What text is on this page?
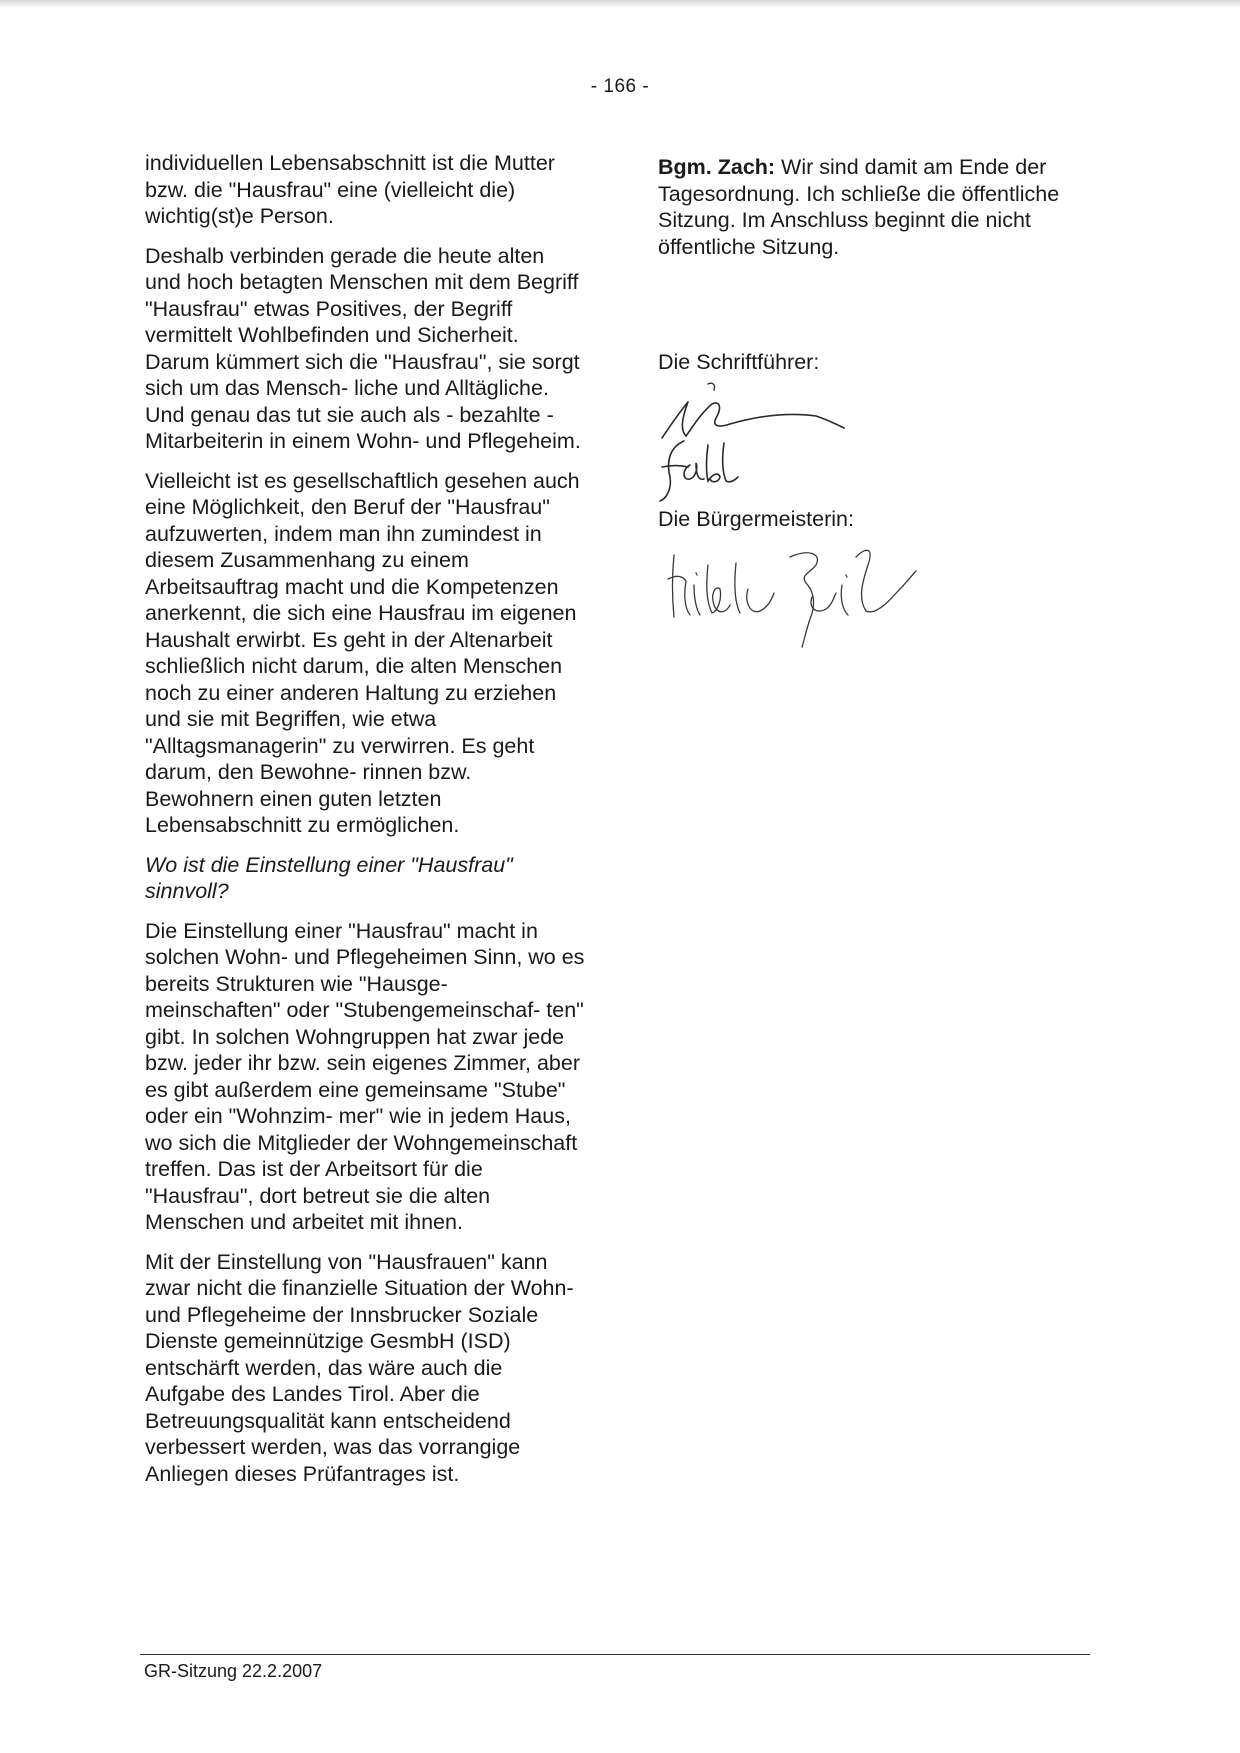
- 166 -

individuellen Lebensabschnitt ist die Mutter bzw. die "Hausfrau" eine (vielleicht die) wichtig(st)e Person.

Deshalb verbinden gerade die heute alten und hoch betagten Menschen mit dem Begriff "Hausfrau" etwas Positives, der Begriff vermittelt Wohlbefinden und Sicherheit. Darum kümmert sich die "Hausfrau", sie sorgt sich um das Mensch- liche und Alltägliche. Und genau das tut sie auch als - bezahlte - Mitarbeiterin in einem Wohn- und Pflegeheim.

Vielleicht ist es gesellschaftlich gesehen auch eine Möglichkeit, den Beruf der "Hausfrau" aufzuwerten, indem man ihn zumindest in diesem Zusammenhang zu einem Arbeitsauftrag macht und die Kompetenzen anerkennt, die sich eine Hausfrau im eigenen Haushalt erwirbt. Es geht in der Altenarbeit schließlich nicht darum, die alten Menschen noch zu einer anderen Haltung zu erziehen und sie mit Begriffen, wie etwa "Alltagsmanagerin" zu verwirren. Es geht darum, den Bewohne- rinnen bzw. Bewohnern einen guten letzten Lebensabschnitt zu ermöglichen.

Wo ist die Einstellung einer "Hausfrau" sinnvoll?

Die Einstellung einer "Hausfrau" macht in solchen Wohn- und Pflegeheimen Sinn, wo es bereits Strukturen wie "Hausge- meinschaften" oder "Stubengemeinschaf- ten" gibt. In solchen Wohngruppen hat zwar jede bzw. jeder ihr bzw. sein eigenes Zimmer, aber es gibt außerdem eine gemeinsame "Stube" oder ein "Wohnzim- mer" wie in jedem Haus, wo sich die Mitglieder der Wohngemeinschaft treffen. Das ist der Arbeitsort für die "Hausfrau", dort betreut sie die alten Menschen und arbeitet mit ihnen.

Mit der Einstellung von "Hausfrauen" kann zwar nicht die finanzielle Situation der Wohn- und Pflegeheime der Innsbrucker Soziale Dienste gemeinnützige GesmbH (ISD) entschärft werden, das wäre auch die Aufgabe des Landes Tirol. Aber die Betreuungsqualität kann entscheidend verbessert werden, was das vorrangige Anliegen dieses Prüfantrages ist.

Bgm. Zach: Wir sind damit am Ende der Tagesordnung. Ich schließe die öffentliche Sitzung. Im Anschluss beginnt die nicht öffentliche Sitzung.

Die Schriftführer:
Die Bürgermeisterin:
GR-Sitzung 22.2.2007
